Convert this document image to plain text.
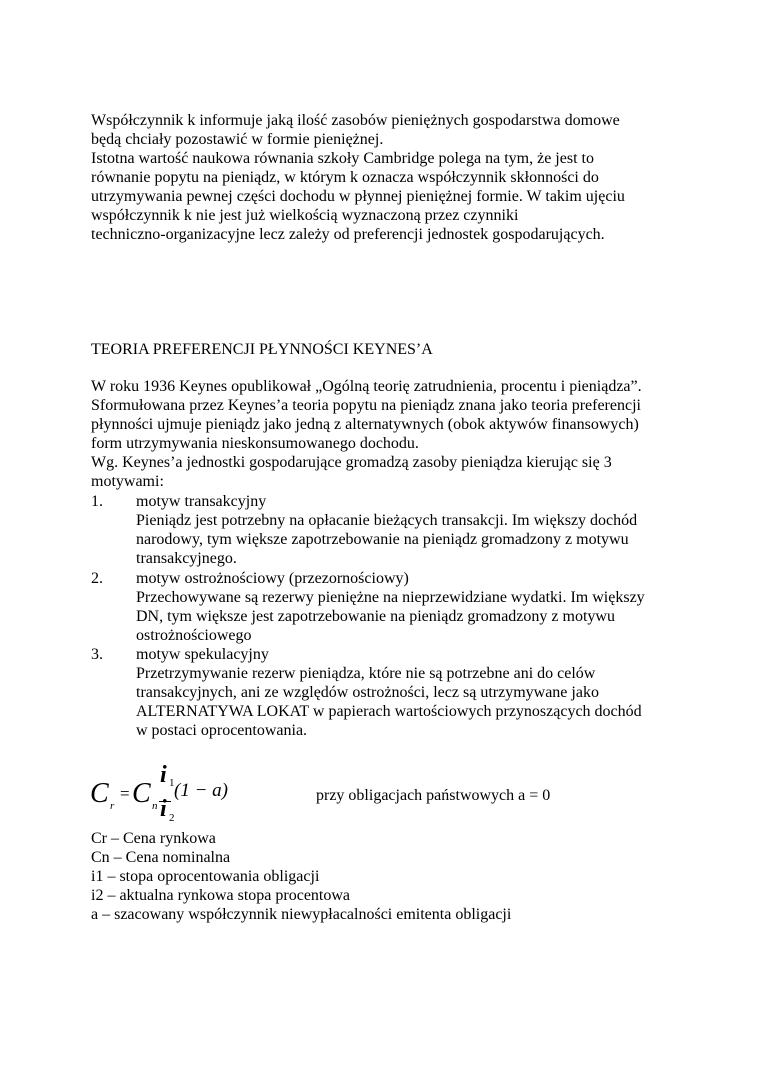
Współczynnik k informuje jaką ilość zasobów pieniężnych gospodarstwa domowe
będą chciały pozostawić w formie pieniężnej.
Istotna wartość naukowa równania szkoły Cambridge polega na tym, że jest to
równanie popytu na pieniądz, w którym k oznacza współczynnik skłonności do
utrzymywania pewnej części dochodu w płynnej pieniężnej formie. W takim ujęciu
współczynnik k nie jest już wielkością wyznaczoną przez czynniki
techniczno-organizacyjne lecz zależy od preferencji jednostek gospodarujących.
TEORIA PREFERENCJI PŁYNNOŚCI KEYNES’A
W roku 1936 Keynes opublikował „Ogólną teorię zatrudnienia, procentu i pieniądza”.
Sformułowana przez Keynes’a teoria popytu na pieniądz znana jako teoria preferencji
płynności ujmuje pieniądz jako jedną z alternatywnych (obok aktywów finansowych)
form utrzymywania nieskonsumowanego dochodu.
Wg. Keynes’a jednostki gospodarujące gromadzą zasoby pieniądza kierując się 3
motywami:
1. motyw transakcyjny
Pieniądz jest potrzebny na opłacanie bieżących transakcji. Im większy dochód
narodowy, tym większe zapotrzebowanie na pieniądz gromadzony z motywu
transakcyjnego.
2. motyw ostrożnościowy (przezornościowy)
Przechowywane są rezerwy pieniężne na nieprzewidziane wydatki. Im większy
DN, tym większe jest zapotrzebowanie na pieniądz gromadzony z motywu
ostrożnościowego
3. motyw spekulacyjny
Przetrzymywanie rezerw pieniądza, które nie są potrzebne ani do celów
transakcyjnych, ani ze względów ostrożności, lecz są utrzymywane jako
ALTERNATYWA LOKAT w papierach wartościowych przynoszących dochód
w postaci oprocentowania.
C r
= C n
i 1
i 2
(1 − a)	przy obligacjach państwowych a = 0
Cr – Cena rynkowa
Cn – Cena nominalna
i1 – stopa oprocentowania obligacji
i2 – aktualna rynkowa stopa procentowa
a – szacowany współczynnik niewypłacalności emitenta obligacji
